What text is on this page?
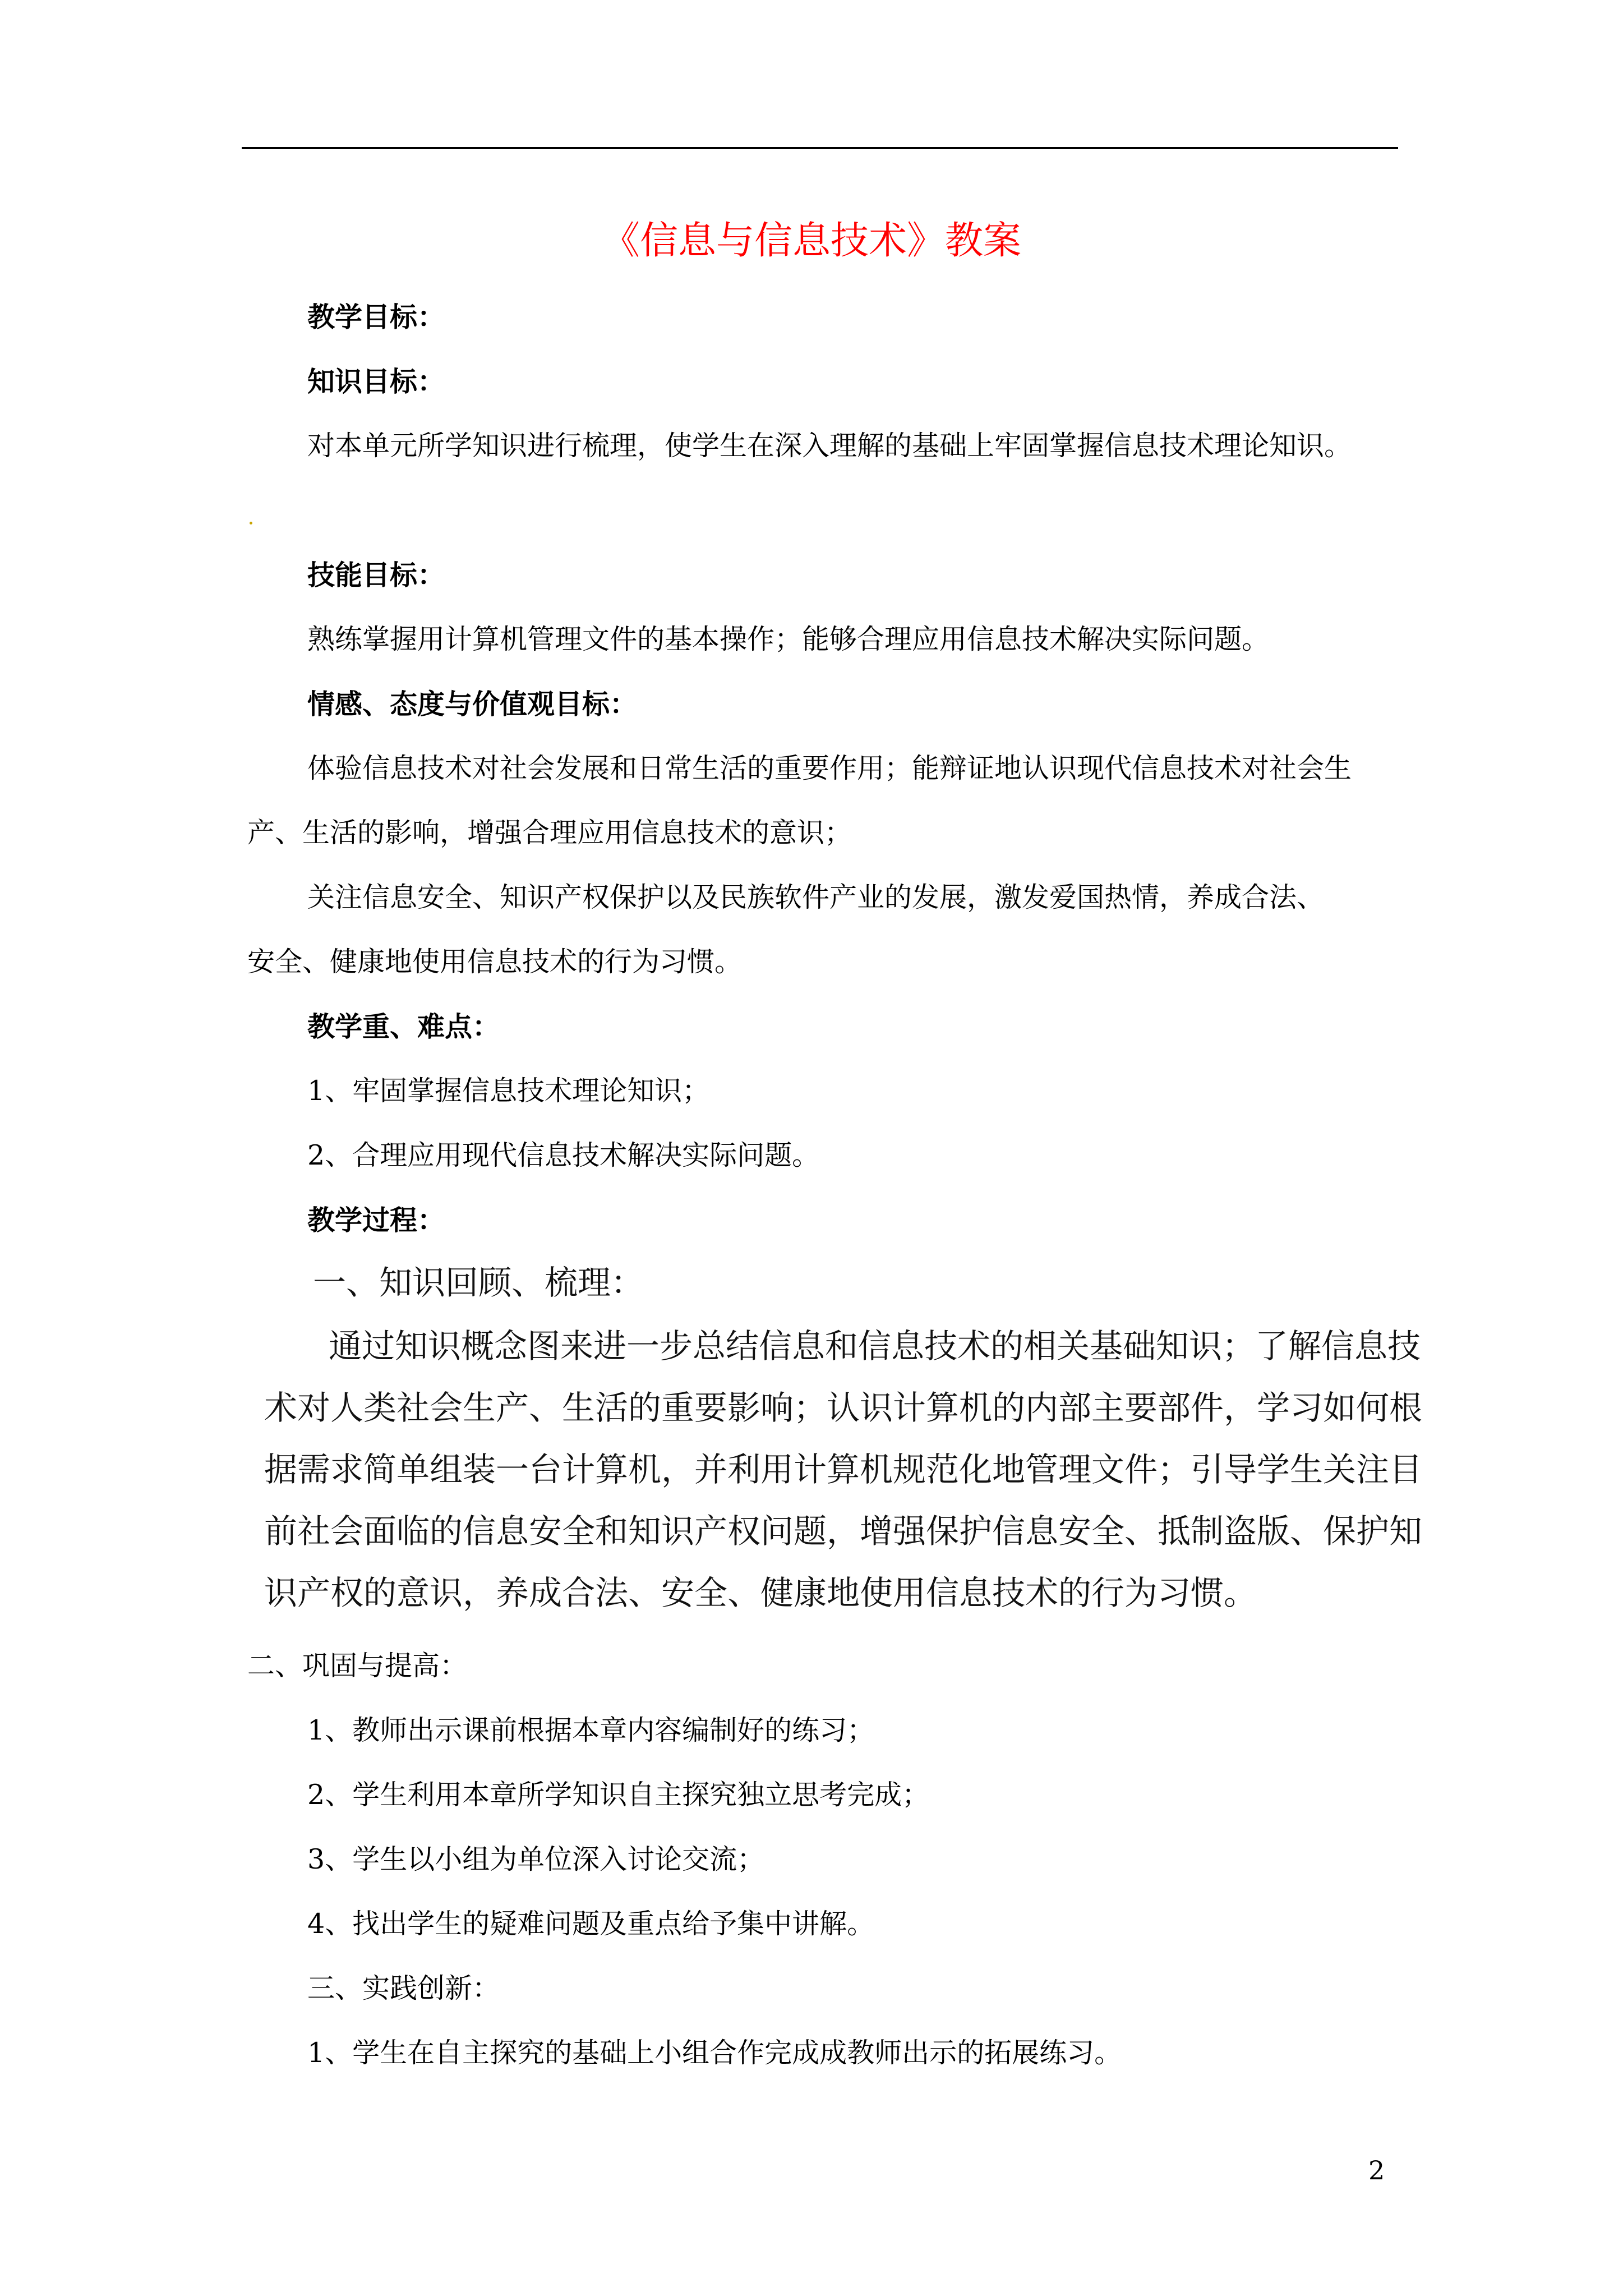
《信息与信息技术》教案
教学目标：
知识目标：
对本单元所学知识进行梳理，使学生在深入理解的基础上牢固掌握信息技术理论知识。
技能目标：
熟练掌握用计算机管理文件的基本操作；能够合理应用信息技术解决实际问题。
情感、态度与价值观目标：
体验信息技术对社会发展和日常生活的重要作用；能辩证地认识现代信息技术对社会生
产、生活的影响，增强合理应用信息技术的意识；
关注信息安全、知识产权保护以及民族软件产业的发展，激发爱国热情，养成合法、
安全、健康地使用信息技术的行为习惯。
教学重、难点：
1、牢固掌握信息技术理论知识；
2、合理应用现代信息技术解决实际问题。
教学过程：
一、知识回顾、梳理：
通过知识概念图来进一步总结信息和信息技术的相关基础知识；了解信息技
术对人类社会生产、生活的重要影响；认识计算机的内部主要部件，学习如何根
据需求简单组装一台计算机，并利用计算机规范化地管理文件；引导学生关注目
前社会面临的信息安全和知识产权问题，增强保护信息安全、抵制盗版、保护知
识产权的意识，养成合法、安全、健康地使用信息技术的行为习惯。
二、巩固与提高：
1、教师出示课前根据本章内容编制好的练习；
2、学生利用本章所学知识自主探究独立思考完成；
3、学生以小组为单位深入讨论交流；
4、找出学生的疑难问题及重点给予集中讲解。
三、实践创新：
1、学生在自主探究的基础上小组合作完成成教师出示的拓展练习。
2
